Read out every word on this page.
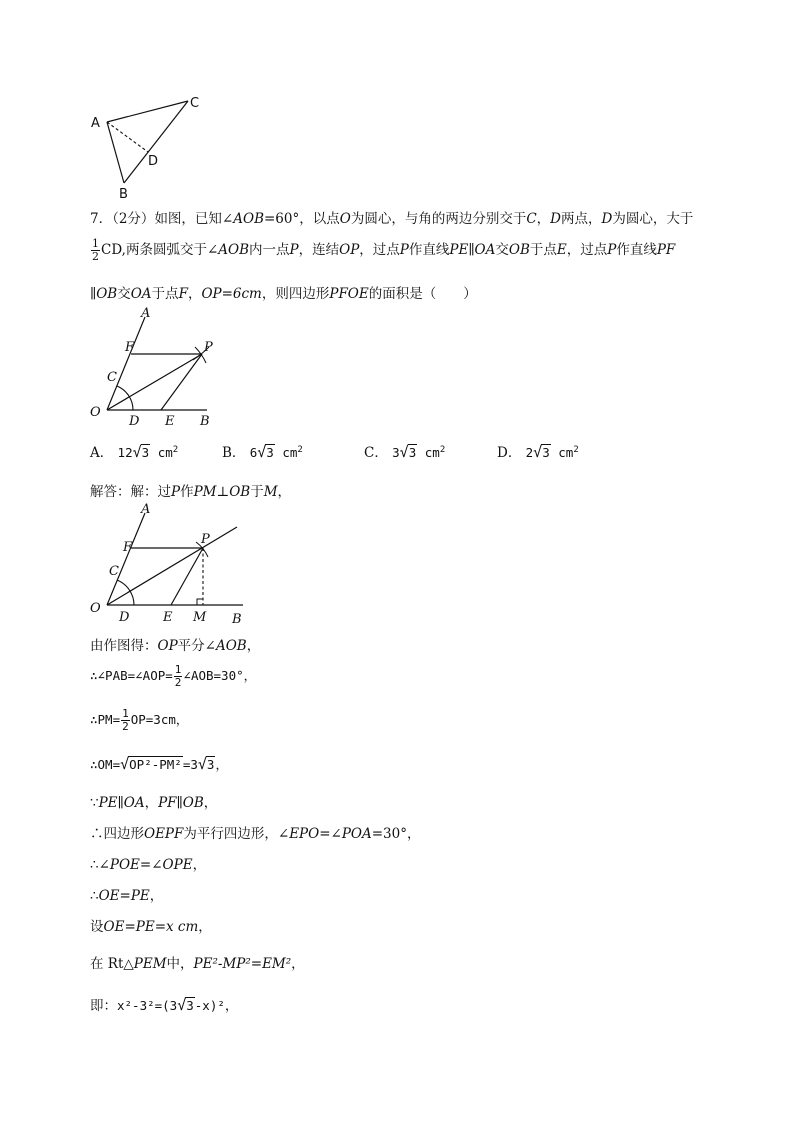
A
C
D
B
7．（2分）如图，已知∠AOB=60°，以点O为圆心，与角的两边分别交于C，D两点，D为圆心，大于
$\frac{1}{2}$ CD,两条圆弧交于∠AOB内一点P，连结OP，过点P作直线PE∥OA交OB于点E，过点P作直线PF
∥OB交OA于点F，OP=6cm，则四边形PFOE的面积是（　　）
A
F	P
C
O
D E B
A． 12√3 $cm^2$	B． 6√3 $cm^2$	C． 3√3 $cm^2$	D． 2√3 $cm^2$
解答：解：过P作PM⊥OB于M，
A
F
P
C
O
D	E M B
由作图得：OP平分∠AOB，
∴∠PAB=∠AOP= $\frac{1}{2}$ ∠AOB=30°，
∴PM= $\frac{1}{2} OP=3cm$，
∴OM=√OP²-PM²=3√3，
∵PE∥OA，PF∥OB，
∴四边形OEPF为平行四边形，∠EPO=∠POA=30°，
∴∠POE=∠OPE，
∴OE=PE，
设OE=PE=x cm，
在 Rt△PEM中，PE²-MP²=EM²，
即：x²-3²=(3√3-x)²，
